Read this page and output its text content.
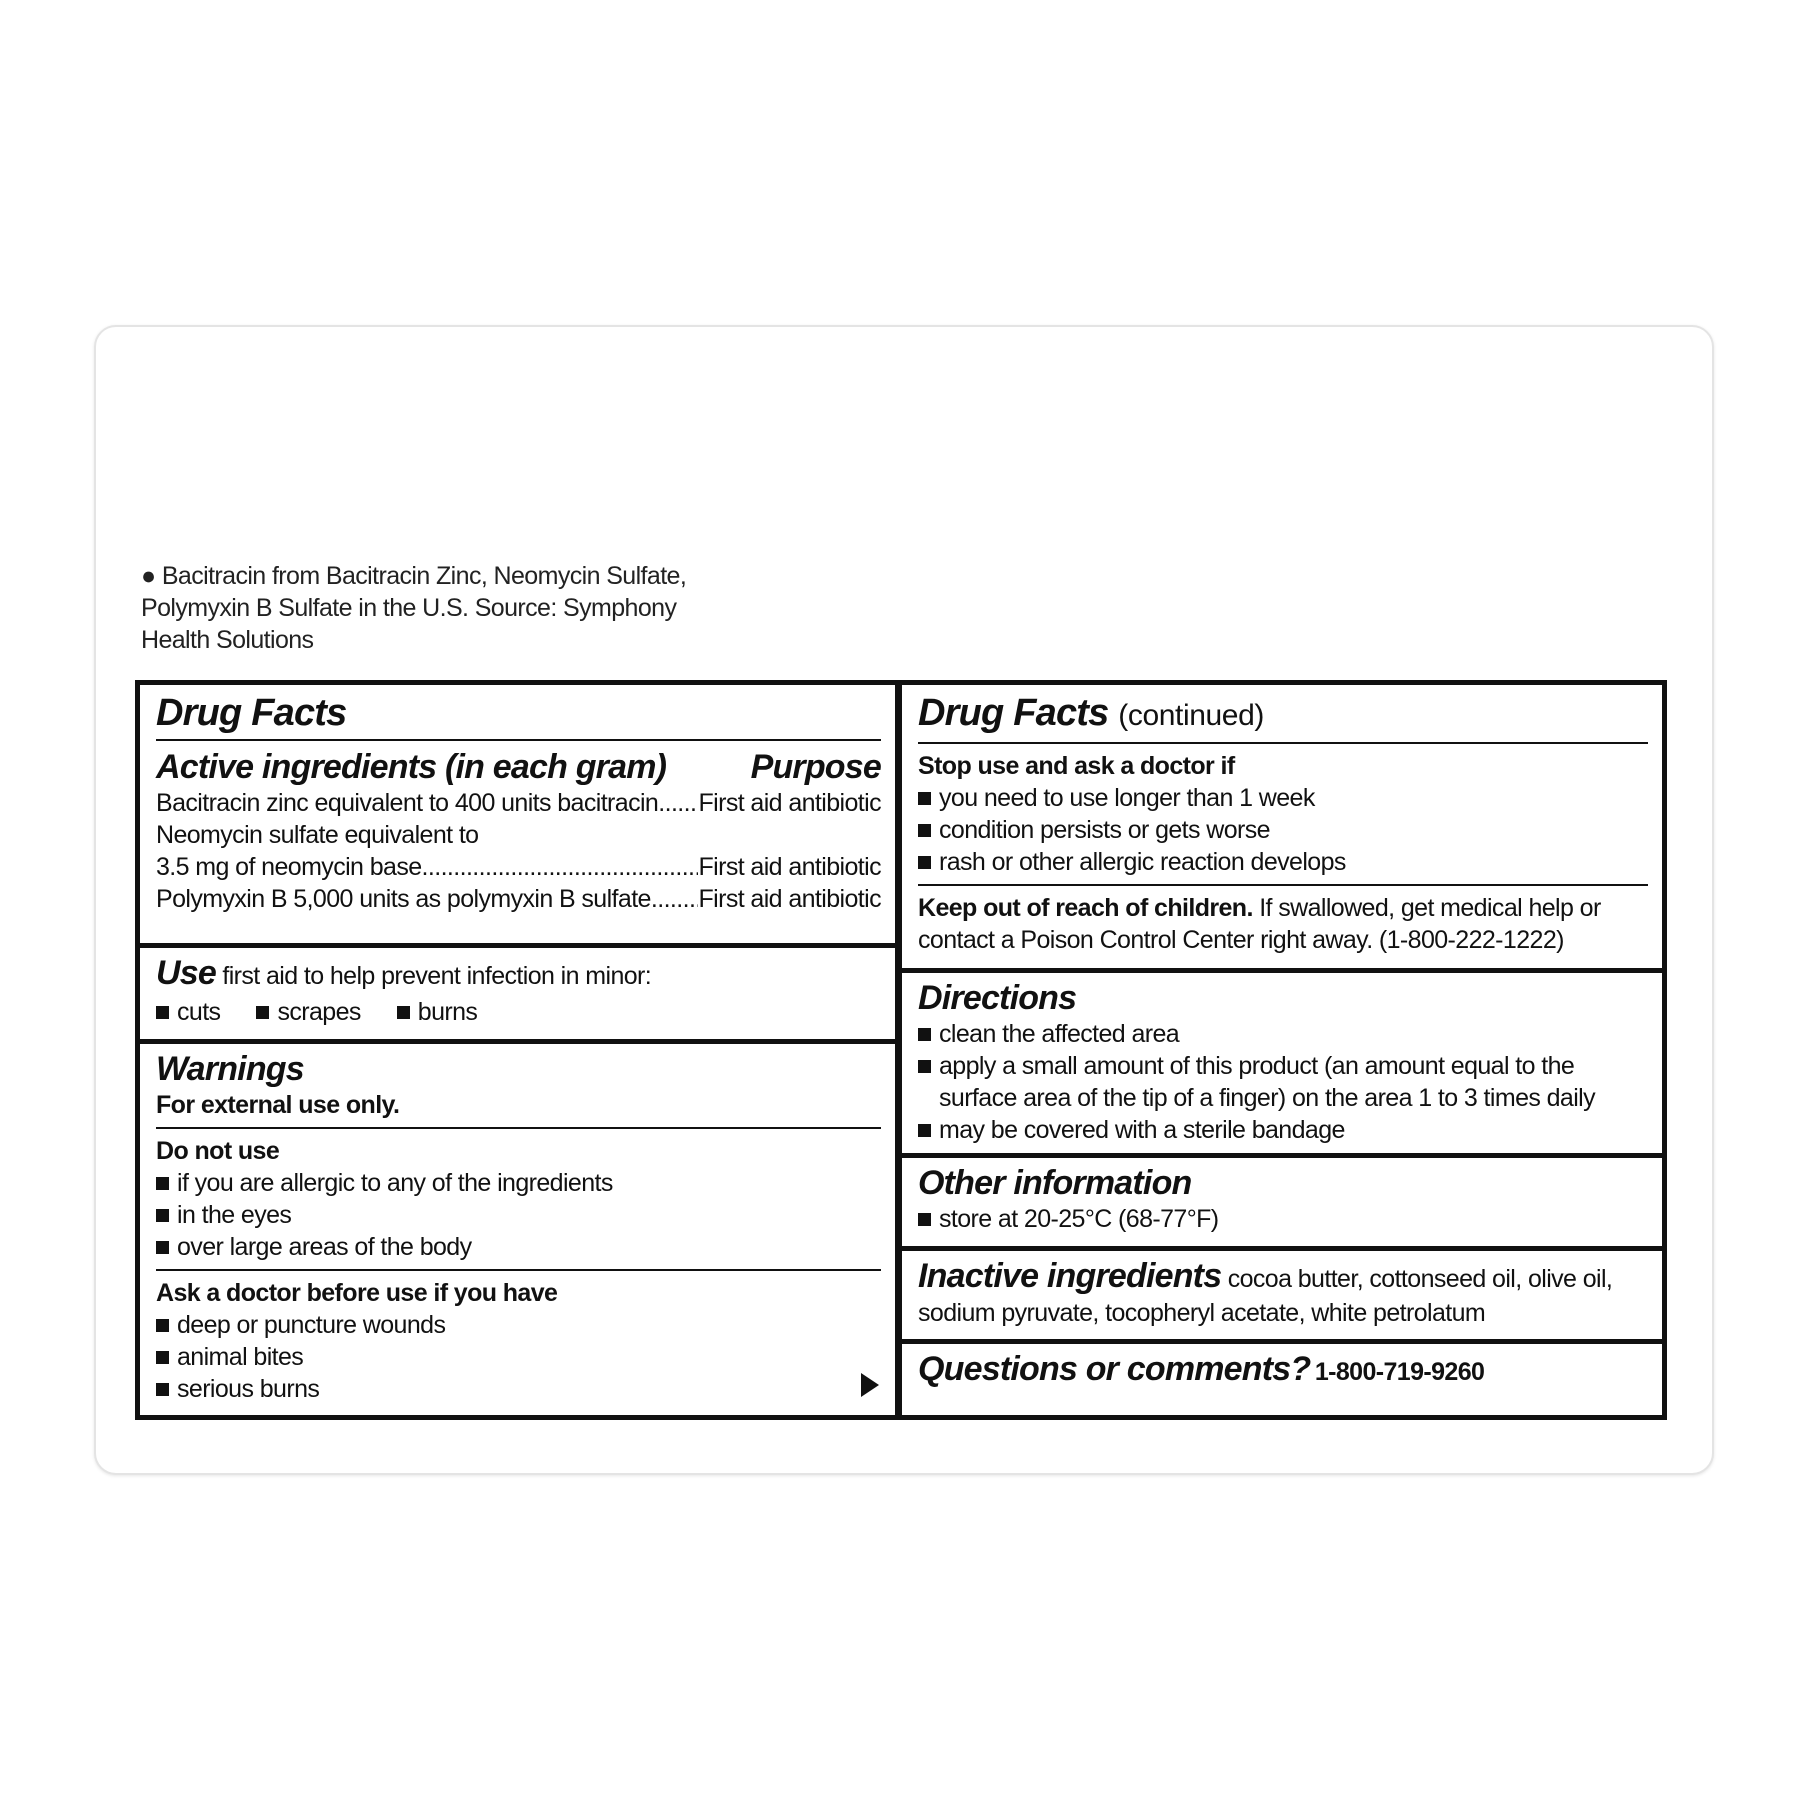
● Bacitracin from Bacitracin Zinc, Neomycin Sulfate, Polymyxin B Sulfate in the U.S. Source: Symphony Health Solutions
Drug Facts
Active ingredients (in each gram) Purpose
Bacitracin zinc equivalent to 400 units bacitracin ..... First aid antibiotic
Neomycin sulfate equivalent to
3.5 mg of neomycin base .....	First aid antibiotic
Polymyxin B 5,000 units as polymyxin B sulfate ..... First aid antibiotic
Use first aid to help prevent infection in minor:
cuts scrapes burns
Warnings
For external use only.
Do not use
if you are allergic to any of the ingredients
in the eyes
over large areas of the body
Ask a doctor before use if you have
deep or puncture wounds
animal bites
serious burns
Drug Facts (continued)
Stop use and ask a doctor if
you need to use longer than 1 week
condition persists or gets worse
rash or other allergic reaction develops
Keep out of reach of children. If swallowed, get medical help or contact a Poison Control Center right away. (1-800-222-1222)
Directions
clean the affected area
apply a small amount of this product (an amount equal to the surface area of the tip of a finger) on the area 1 to 3 times daily
may be covered with a sterile bandage
Other information
store at 20-25°C (68-77°F)
Inactive ingredients cocoa butter, cottonseed oil, olive oil, sodium pyruvate, tocopheryl acetate, white petrolatum
Questions or comments? 1-800-719-9260
